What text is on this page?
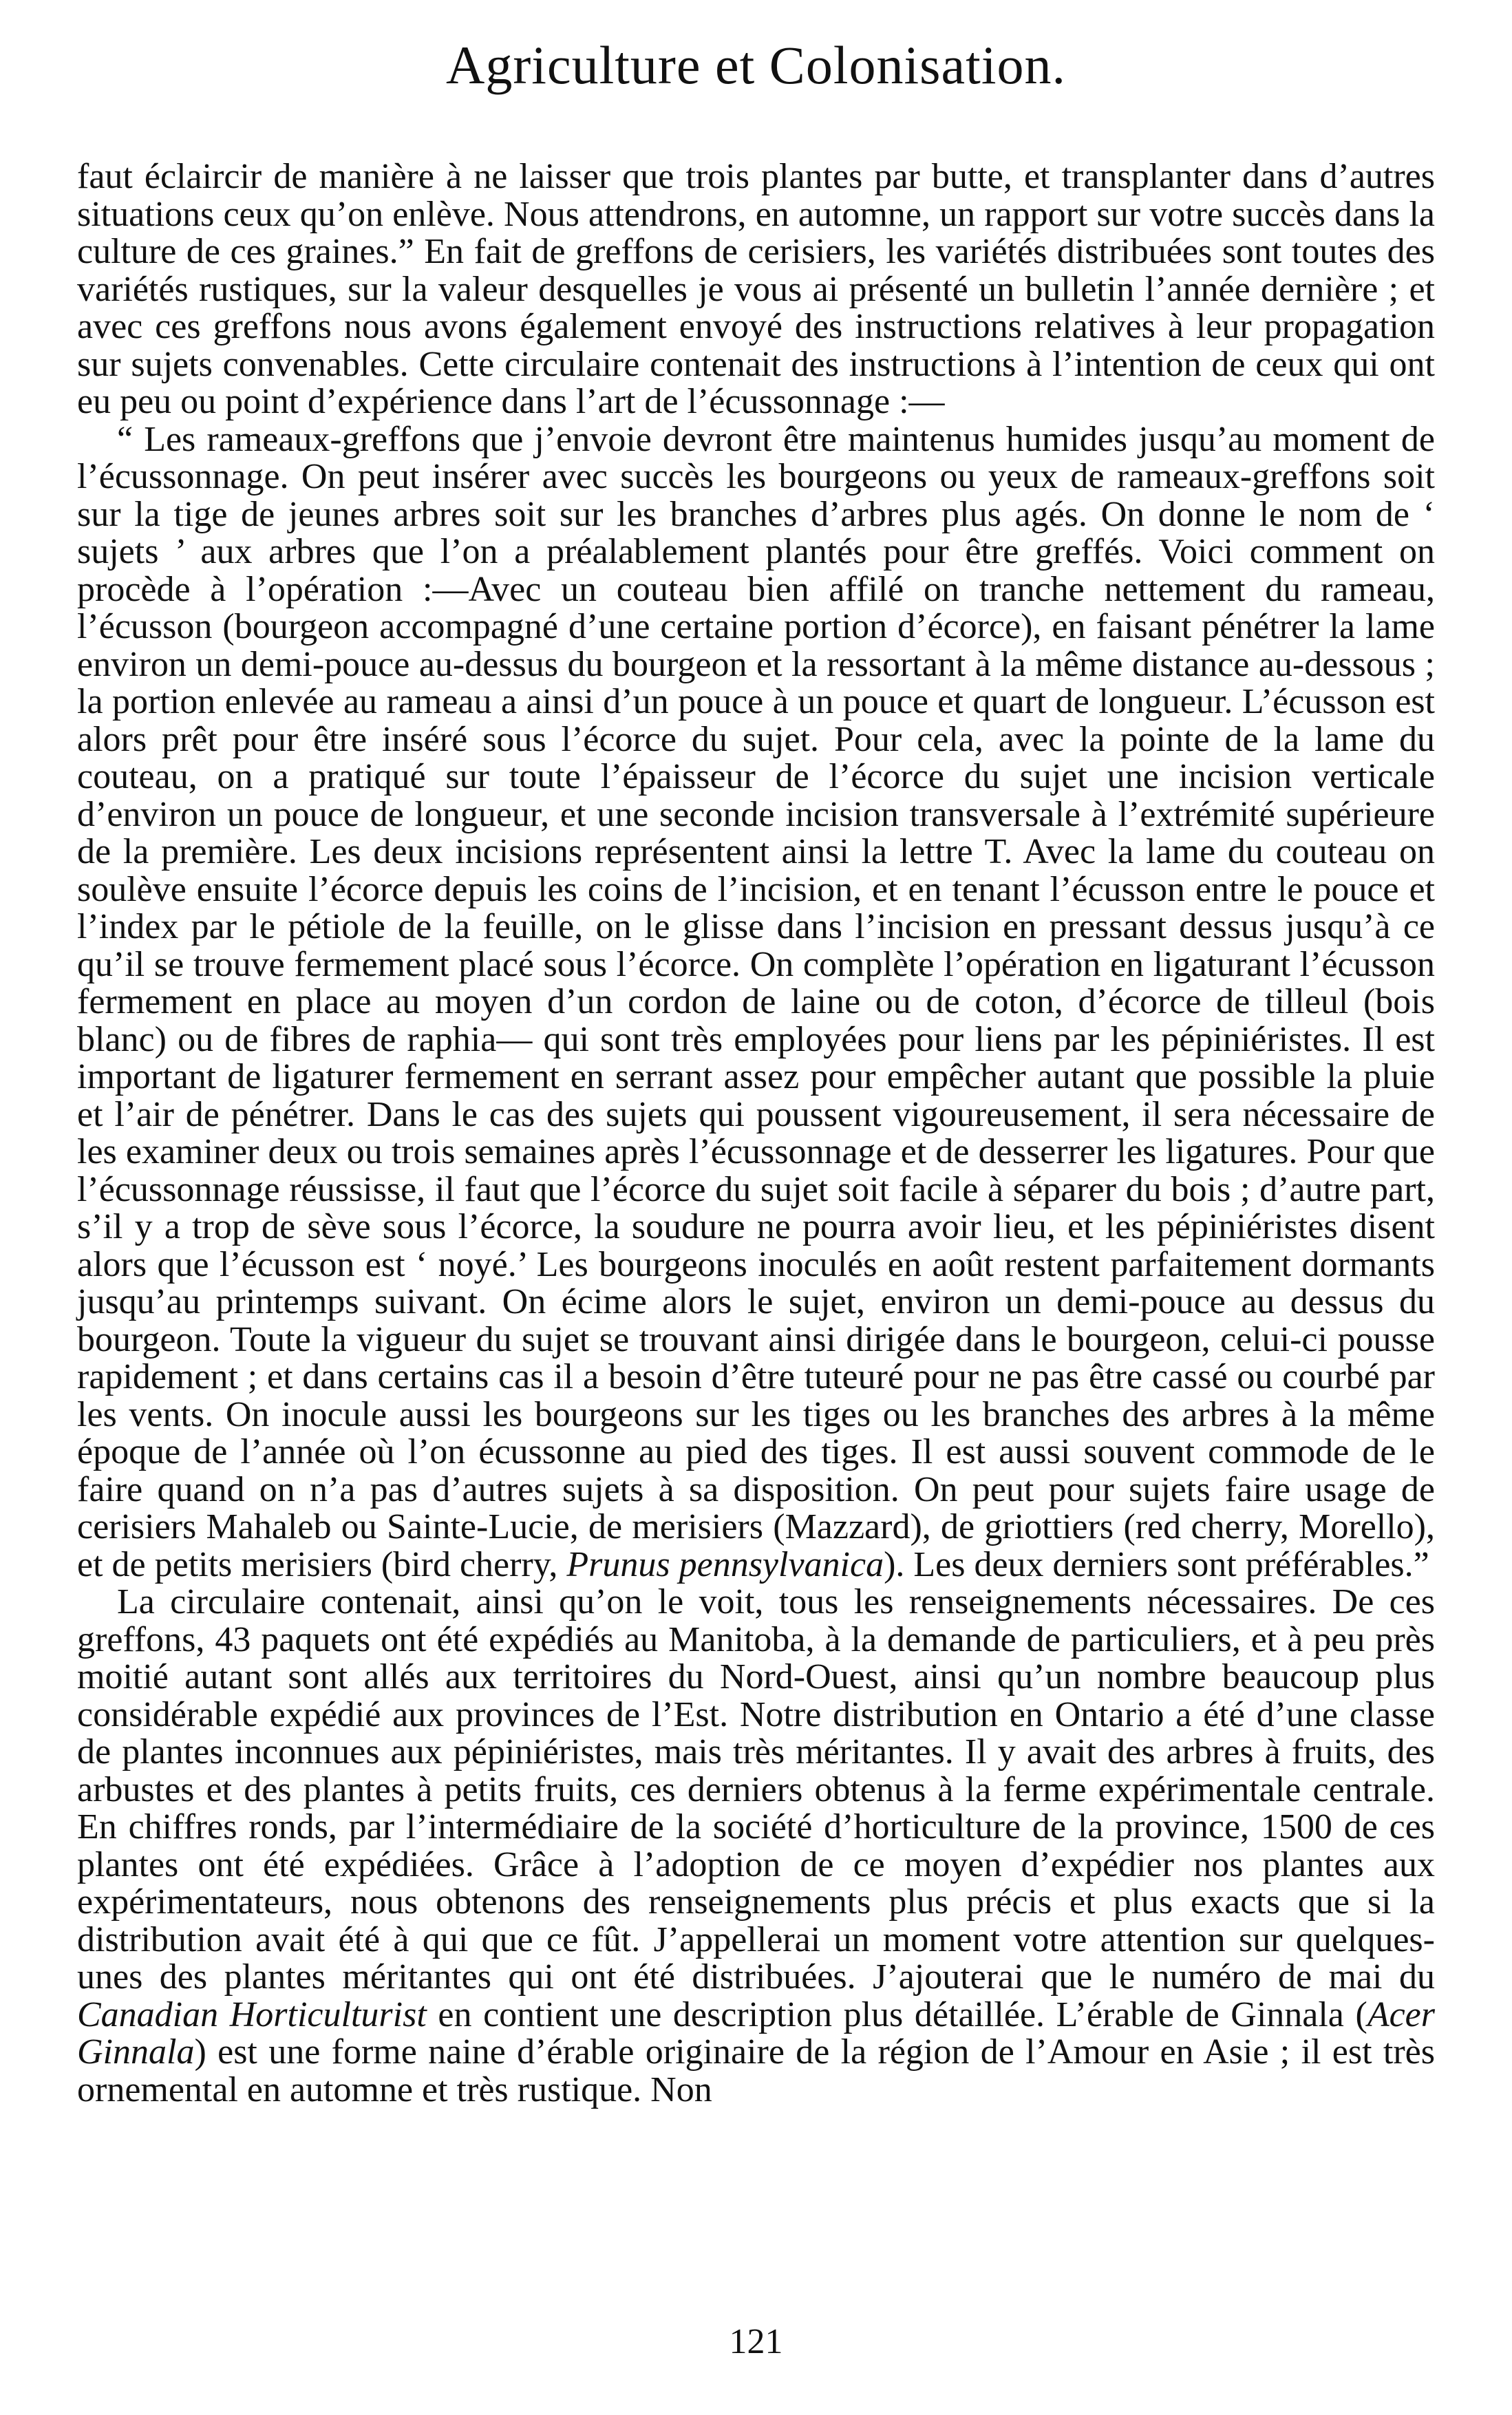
Agriculture et Colonisation.

faut éclaircir de manière à ne laisser que trois plantes par butte, et transplanter dans d’autres situations ceux qu’on enlève. Nous attendrons, en automne, un rapport sur votre succès dans la culture de ces graines.” En fait de greffons de cerisiers, les variétés distribuées sont toutes des variétés rustiques, sur la valeur desquelles je vous ai présenté un bulletin l’année dernière ; et avec ces greffons nous avons également envoyé des instructions relatives à leur propagation sur sujets convenables. Cette circulaire contenait des instructions à l’intention de ceux qui ont eu peu ou point d’expérience dans l’art de l’écussonnage :—

“ Les rameaux-greffons que j’envoie devront être maintenus humides jusqu’au moment de l’écussonnage. On peut insérer avec succès les bourgeons ou yeux de rameaux-greffons soit sur la tige de jeunes arbres soit sur les branches d’arbres plus agés. On donne le nom de ‘ sujets ’ aux arbres que l’on a préalablement plantés pour être greffés. Voici comment on procède à l’opération :—Avec un couteau bien affilé on tranche nettement du rameau, l’écusson (bourgeon accompagné d’une certaine portion d’écorce), en faisant pénétrer la lame environ un demi-pouce au-dessus du bourgeon et la ressortant à la même distance au-dessous ; la portion enlevée au rameau a ainsi d’un pouce à un pouce et quart de longueur. L’écusson est alors prêt pour être inséré sous l’écorce du sujet. Pour cela, avec la pointe de la lame du couteau, on a pratiqué sur toute l’épaisseur de l’écorce du sujet une incision verticale d’environ un pouce de longueur, et une seconde incision transversale à l’extrémité supérieure de la première. Les deux incisions représentent ainsi la lettre T. Avec la lame du couteau on soulève ensuite l’écorce depuis les coins de l’incision, et en tenant l’écusson entre le pouce et l’index par le pétiole de la feuille, on le glisse dans l’incision en pressant dessus jusqu’à ce qu’il se trouve fermement placé sous l’écorce. On complète l’opération en ligaturant l’écusson fermement en place au moyen d’un cordon de laine ou de coton, d’écorce de tilleul (bois blanc) ou de fibres de raphia— qui sont très employées pour liens par les pépiniéristes. Il est important de ligaturer fermement en serrant assez pour empêcher autant que possible la pluie et l’air de pénétrer. Dans le cas des sujets qui poussent vigoureusement, il sera nécessaire de les examiner deux ou trois semaines après l’écussonnage et de desserrer les ligatures. Pour que l’écussonnage réussisse, il faut que l’écorce du sujet soit facile à séparer du bois ; d’autre part, s’il y a trop de sève sous l’écorce, la soudure ne pourra avoir lieu, et les pépiniéristes disent alors que l’écusson est ‘ noyé.’ Les bourgeons inoculés en août restent parfaitement dormants jusqu’au printemps suivant. On écime alors le sujet, environ un demi-pouce au dessus du bourgeon. Toute la vigueur du sujet se trouvant ainsi dirigée dans le bourgeon, celui-ci pousse rapidement ; et dans certains cas il a besoin d’être tuteuré pour ne pas être cassé ou courbé par les vents. On inocule aussi les bourgeons sur les tiges ou les branches des arbres à la même époque de l’année où l’on écussonne au pied des tiges. Il est aussi souvent commode de le faire quand on n’a pas d’autres sujets à sa disposition. On peut pour sujets faire usage de cerisiers Mahaleb ou Sainte-Lucie, de merisiers (Mazzard), de griottiers (red cherry, Morello), et de petits merisiers (bird cherry, Prunus pennsylvanica). Les deux derniers sont préférables.”

La circulaire contenait, ainsi qu’on le voit, tous les renseignements nécessaires. De ces greffons, 43 paquets ont été expédiés au Manitoba, à la demande de particuliers, et à peu près moitié autant sont allés aux territoires du Nord-Ouest, ainsi qu’un nombre beaucoup plus considérable expédié aux provinces de l’Est. Notre distribution en Ontario a été d’une classe de plantes inconnues aux pépiniéristes, mais très méritantes. Il y avait des arbres à fruits, des arbustes et des plantes à petits fruits, ces derniers obtenus à la ferme expérimentale centrale. En chiffres ronds, par l’intermédiaire de la société d’horticulture de la province, 1500 de ces plantes ont été expédiées. Grâce à l’adoption de ce moyen d’expédier nos plantes aux expérimentateurs, nous obtenons des renseignements plus précis et plus exacts que si la distribution avait été à qui que ce fût. J’appellerai un moment votre attention sur quelques-unes des plantes méritantes qui ont été distribuées. J’ajouterai que le numéro de mai du Canadian Horticulturist en contient une description plus détaillée. L’érable de Ginnala (Acer Ginnala) est une forme naine d’érable originaire de la région de l’Amour en Asie ; il est très ornemental en automne et très rustique. Non

121
